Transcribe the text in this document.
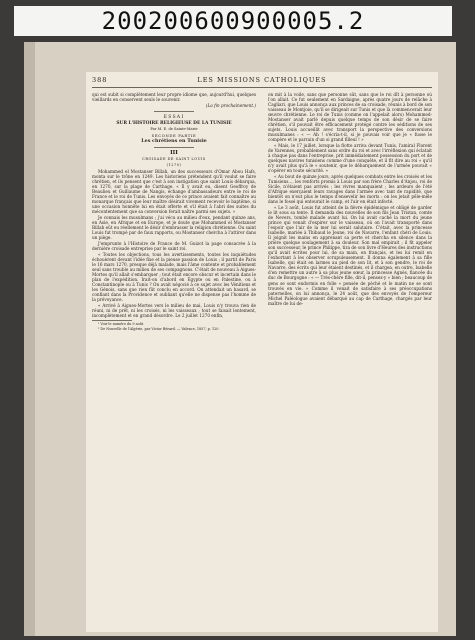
200200600900005.2
388	LES MISSIONS CATHOLIQUES

qui est subit si complètement leur propre idiome que, aujourd'hui, quelques vieillards en conservent seuls le souvenir.

(La fin prochainement.)
ESSAI
SUR L'HISTOIRE RELIGIEUSE DE LA TUNISIE
Par M. E. de Sainte-Marie
SECONDE PARTIE
Les chrétiens en Tunisie
III
CROISADE DE SAINT LOUIS
(1270)

Mohammed el Mostanser Billah, un des successeurs d'Omar Abou Hafs, monta sur le trône en 1249. Les historiens prétendent qu'il voulut se faire chrétien, et ils pensent que c'est à son instigation que saint Louis débarqua, en 1270, sur la plage de Carthage. « Il y avait eu, disent Geoffroy de Beaulieu et Guillaume de Nangis, échange d'ambassadeurs entre le roi de France et le roi de Tunis. Les envoyés de ce prince avaient fait connaître au monarque français que leur maître désirait vivement recevoir le baptême, si une occasion honnête lui en était offerte et s'il était à l'abri des suites du mécontentement que sa conversion ferait naître parmi ses sujets. »

Je connais les musulmans ; j'ai vécu au milieu d'eux, pendant quinze ans, en Asie, en Afrique et en Europe, et je doute que Mohammed el Mostanser Billah eût eu réellement le désir d'embrasser la religion chrétienne. Ou saint Louis fut trompé par de faux rapports, ou Mostanser chercha à l'attirer dans un piège.

J'emprunte à l'Histoire de France de M. Guizot la page consacrée à la dernière croisade entreprise par le saint roi.

« Toutes les objections, tous les avertissements, toutes les inquiétudes échouèrent devant l'idée fixe et la pieuse passion de Louis ; il partit de Paris le 16 mars 1270, presque déjà malade, mais l'âme contente et probablement seul sans trouble au milieu de ses compagnons. C'était de nouveau à Aigues-Mortes qu'il allait s'embarquer ; tout était encore obscur et incertain dans le plan de l'expédition. Irait-on d'abord en Égypte ou en Palestine, ou à Constantinople ou à Tunis ? On avait négocié à ce sujet avec les Vénitiens et les Génois, sans que rien fût conclu en accord. On attendait un hasard, se confiant dans la Providence et oubliant qu'elle ne dispense pas l'homme de la prévoyance.

« Arrivé à Aigues-Mortes vers le milieu de mai, Louis n'y trouva rien de réuni, ni de prêt, ni les croisés, ni les vaisseaux ; tout se faisait lentement, incomplètement et en grand désordre. Le 2 juillet 1270 enfin,

¹ Voir le numéro du 9 août.

² De Nouvelle de l'Algérie, par Victor Bérard. — Valence, 1857, p. 120.

on mit à la voile, sans que personne sût, sans que le roi dît à personne où l'on allait. Ce fut seulement en Sardaigne, après quatre jours de relâche à Cagliari, que Louis annonça aux princes de sa croisade, réunis à bord de son vaisseau le Montjoie, qu'il se dirigeait sur Tunis et que là commencerait leur œuvre chrétienne. Le roi de Tunis (comme on l'appelait alors) Mohammed-Mostanser avait parlé depuis quelque temps de son désir de se faire chrétien, s'il pouvait être efficacement protégé contre les séditions de ses sujets. Louis accueillit avec transport la perspective des conversions musulmanes : « — Ah ! s'écria-t-il, si je pouvais voir que je « fusse le compère et le parrain d'un si grand filleul ! »

« Mais, le 17 juillet, lorsque la flotte arriva devant Tunis, l'amiral Florent de Varennes, probablement sans ordre du roi et avec l'irréflexion qui éclatait à chaque pas dans l'entreprise, prit immédiatement possession du port et de quelques navires tunisiens comme d'une conquête, et il fit dire au roi « qu'il n'y avait plus qu'à le « soutenir, que le débarquement de l'armée pouvait « s'opérer en toute sécurité. »

« Au bout de quinze jours, après quelques combats entre les croisés et les Tunisiens..., les renforts promis à Louis par son frère Charles d'Anjou, roi de Sicile, n'étaient pas arrivés ; les vivres manquaient ; les ardeurs de l'été d'Afrique exerçaient leurs ravages dans l'armée avec tant de rapidité, que bientôt on n'eut plus le temps d'ensevelir les morts : on les jetait pêle-mêle dans le fossé qui entourait le camp, et l'air en était infecté.

« Le 3 août, Louis fut atteint de la fièvre épidémique et obligé de garder le lit sous sa tente. Il demanda des nouvelles de son fils Jean Tristan, comte de Nevers, tombé malade avant lui. On lui avait caché la mort du jeune prince qui venait d'expirer sur le vaisseau, où on l'avait transporté dans l'espoir que l'air de la mer lui serait salutaire. C'était, avec la princesse Isabelle, mariée à Thibaud le Jeune, roi de Navarre, l'enfant chéri de Louis. Il joignit les mains en apprenant sa perte et chercha en silence dans la prière quelque soulagement à sa douleur. Son mal empirait ; il fit appeler son successeur, le prince Philippe, tira de son livre d'Heures des instructions qu'il avait écrites pour lui, de sa main, en français, et les lui remit en l'exhortant à les observer scrupuleusement. Il donna également à sa fille Isabelle, qui était en larmes au pied de son lit, et à son gendre, le roi de Navarre, des écrits qui leur étaient destinés, et il chargea, en outre, Isabelle d'en remettre un autre à sa plus jeune sœur, la princesse Agnès, fiancée du duc de Bourgogne : « — Très-chère fille, dit-il, pensez-y « bien ; beaucoup de gens se sont endormis en folle « pensée de péché et le matin ne se sont trouvés en vie. » Comme il venait de satisfaire à ses préoccupations paternelles, on lui annonça, le 24 août, que des envoyés de l'empereur Michel Paléologue avaient débarqué au cap de Carthage, chargés par leur maître de lui de-
